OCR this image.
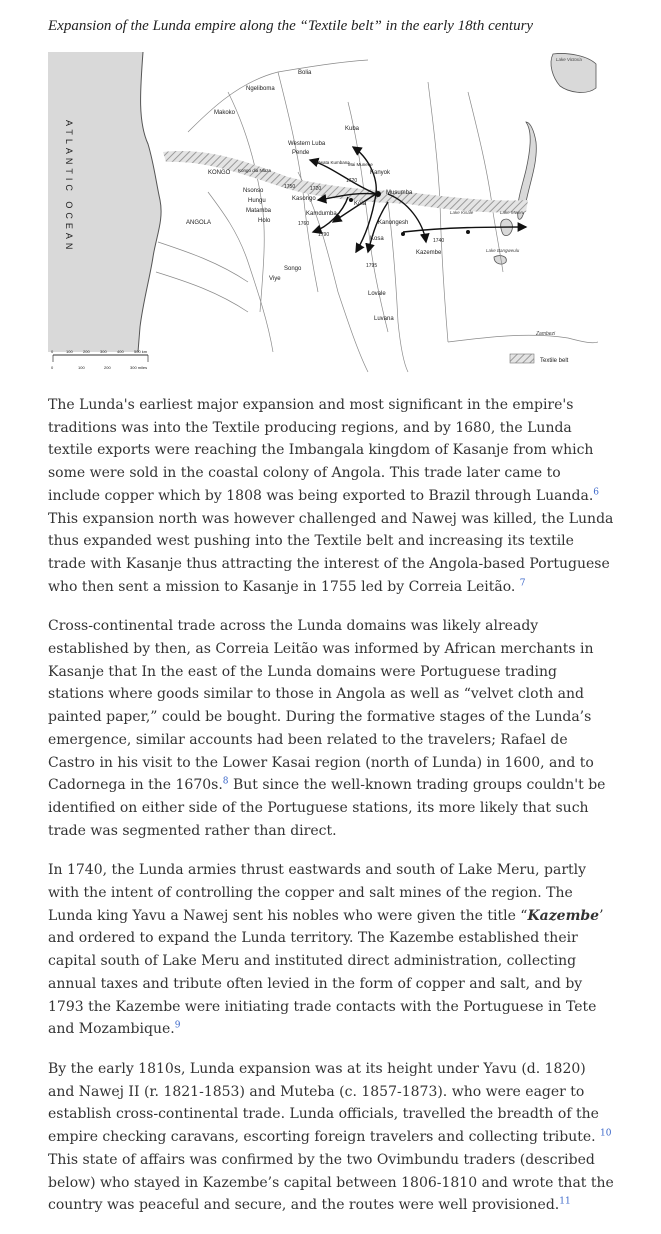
Expansion of the Lunda empire along the “Textile belt” in the early 18th century
Bolia
Ngeliboma
Makoko
Kuba
Western Luba
Pende
Mwata Kumbana
Mai Munene
Kanyok
KONGO Kongo dia Nlaza
Nsonso
Hungu
Matamba
Holo
Kasongo
Kola
Musumba
Kamdumba
Kanongesh
Kosa
Kazembe
ANGOLA
Songo
Viye
Lovale
Luvana
Lake Victoria
Lake Kisale	Lake Mweru
Lake Bangweulu
1720
1750	1720
1760
1790
1795
1740
Zambezi
ATLANTIC OCEAN
0	100	200	300	400	500 km
0	100	200	300 miles
Textile belt

The Lunda's earliest major expansion and most significant in the empire's traditions was into the Textile producing regions, and by 1680, the Lunda textile exports were reaching the Imbangala kingdom of Kasanje from which some were sold in the coastal colony of Angola. This trade later came to include copper which by 1808 was being exported to Brazil through Luanda.$^6$ This expansion north was however challenged and Nawej was killed, the Lunda thus expanded west pushing into the Textile belt and increasing its textile trade with Kasanje thus attracting the interest of the Angola-based Portuguese who then sent a mission to Kasanje in 1755 led by Correia Leitão. $^7$

Cross-continental trade across the Lunda domains was likely already established by then, as Correia Leitão was informed by African merchants in Kasanje that In the east of the Lunda domains were Portuguese trading stations where goods similar to those in Angola as well as “velvet cloth and painted paper,” could be bought. During the formative stages of the Lunda’s emergence, similar accounts had been related to the travelers; Rafael de Castro in his visit to the Lower Kasai region (north of Lunda) in 1600, and to Cadornega in the 1670s.$^8$ But since the well-known trading groups couldn't be identified on either side of the Portuguese stations, its more likely that such trade was segmented rather than direct.

In 1740, the Lunda armies thrust eastwards and south of Lake Meru, partly with the intent of controlling the copper and salt mines of the region. The Lunda king Yavu a Nawej sent his nobles who were given the title “Kazembe’ and ordered to expand the Lunda territory. The Kazembe established their capital south of Lake Meru and instituted direct administration, collecting annual taxes and tribute often levied in the form of copper and salt, and by 1793 the Kazembe were initiating trade contacts with the Portuguese in Tete and Mozambique.$^9$

By the early 1810s, Lunda expansion was at its height under Yavu (d. 1820) and Nawej II (r. 1821-1853) and Muteba (c. 1857-1873). who were eager to establish cross-continental trade. Lunda officials, travelled the breadth of the empire checking caravans, escorting foreign travelers and collecting tribute. $^{10}$ This state of affairs was confirmed by the two Ovimbundu traders (described below) who stayed in Kazembe’s capital between 1806-1810 and wrote that the country was peaceful and secure, and the routes were well provisioned.$^{11}$
